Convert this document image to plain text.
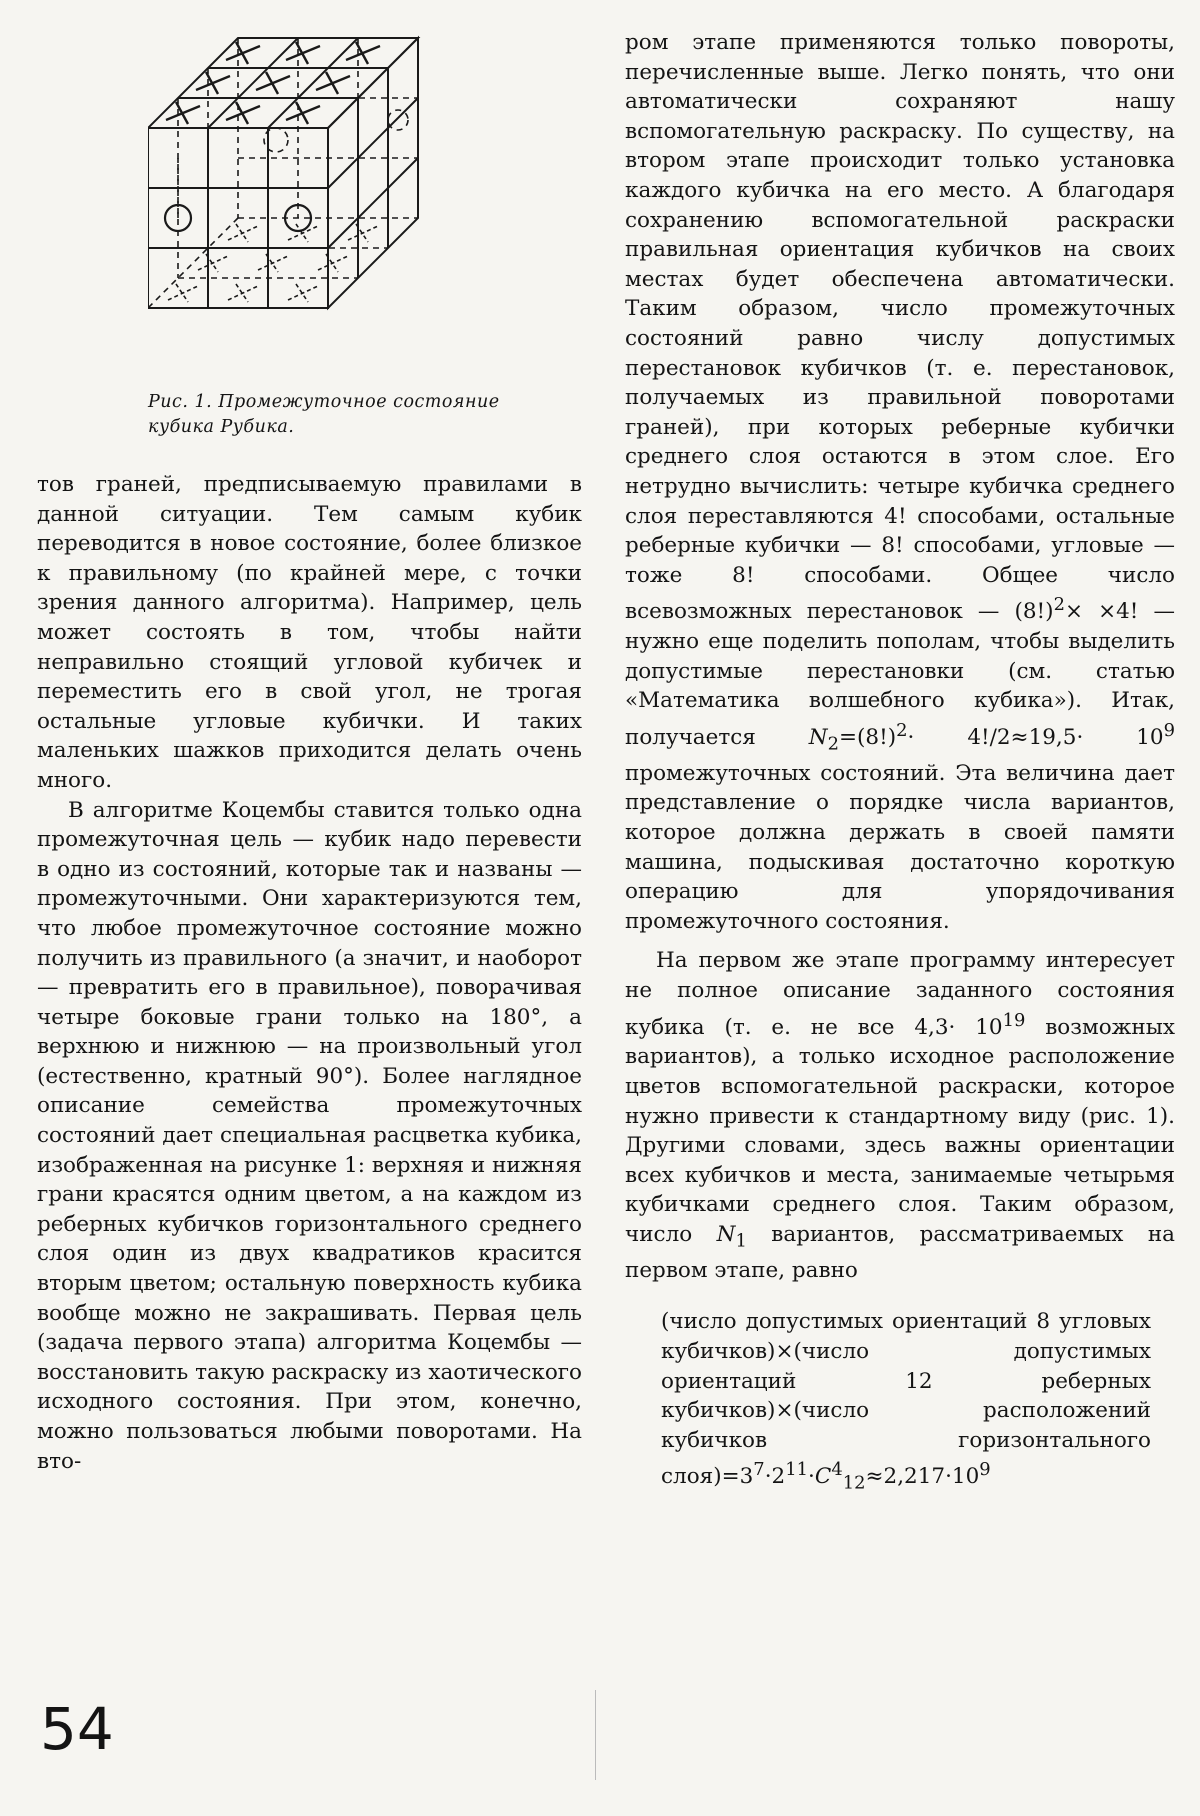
Рис. 1. Промежуточное состояние кубика Рубика.

тов граней, предписываемую правилами в данной ситуации. Тем самым кубик переводится в новое состояние, более близкое к правильному (по крайней мере, с точки зрения данного алгоритма). Например, цель может состоять в том, чтобы найти неправильно стоящий угловой кубичек и переместить его в свой угол, не трогая остальные угловые кубички. И таких маленьких шажков приходится делать очень много.

В алгоритме Коцембы ставится только одна промежуточная цель — кубик надо перевести в одно из состояний, которые так и названы — промежуточными. Они характеризуются тем, что любое промежуточное состояние можно получить из правильного (а значит, и наоборот — превратить его в правильное), поворачивая четыре боковые грани только на 180°, а верхнюю и нижнюю — на произвольный угол (естественно, кратный 90°). Более наглядное описание семейства промежуточных состояний дает специальная расцветка кубика, изображенная на рисунке 1: верхняя и нижняя грани красятся одним цветом, а на каждом из реберных кубичков горизонтального среднего слоя один из двух квадратиков красится вторым цветом; остальную поверхность кубика вообще можно не закрашивать. Первая цель (задача первого этапа) алгоритма Коцембы — восстановить такую раскраску из хаотического исходного состояния. При этом, конечно, можно пользоваться любыми поворотами. На вто-

ром этапе применяются только повороты, перечисленные выше. Легко понять, что они автоматически сохраняют нашу вспомогательную раскраску. По существу, на втором этапе происходит только установка каждого кубичка на его место. А благодаря сохранению вспомогательной раскраски правильная ориентация кубичков на своих местах будет обеспечена автоматически. Таким образом, число промежуточных состояний равно числу допустимых перестановок кубичков (т. е. перестановок, получаемых из правильной поворотами граней), при которых реберные кубички среднего слоя остаются в этом слое. Его нетрудно вычислить: четыре кубичка среднего слоя переставляются 4! способами, остальные реберные кубички — 8! способами, угловые — тоже 8! способами. Общее число всевозможных перестановок — $(8!)^2\times \times 4$! — нужно еще поделить пополам, чтобы выделить допустимые перестановки (см. статью «Математика волшебного кубика»). Итак, получается $N_2=(8!)^2\cdot 4!/2\approx 19,5\cdot 10^9$ промежуточных состояний. Эта величина дает представление о порядке числа вариантов, которое должна держать в своей памяти машина, подыскивая достаточно короткую операцию для упорядочивания промежуточного состояния.

На первом же этапе программу интересует не полное описание заданного состояния кубика (т. е. не все $4,3\cdot 10^{19}$ возможных вариантов), а только исходное расположение цветов вспомогательной раскраски, которое нужно привести к стандартному виду (рис. 1). Другими словами, здесь важны ориентации всех кубичков и места, занимаемые четырьмя кубичками среднего слоя. Таким образом, число $N_1$ вариантов, рассматриваемых на первом этапе, равно

(число допустимых ориентаций 8 угловых кубичков)×(число допустимых ориентаций 12 реберных кубичков)×(число расположений кубичков горизонтального $слоя)=3^7\cdot 2^{11}\cdot C^4_{12}\approx 2,217\cdot 10^9$
54
